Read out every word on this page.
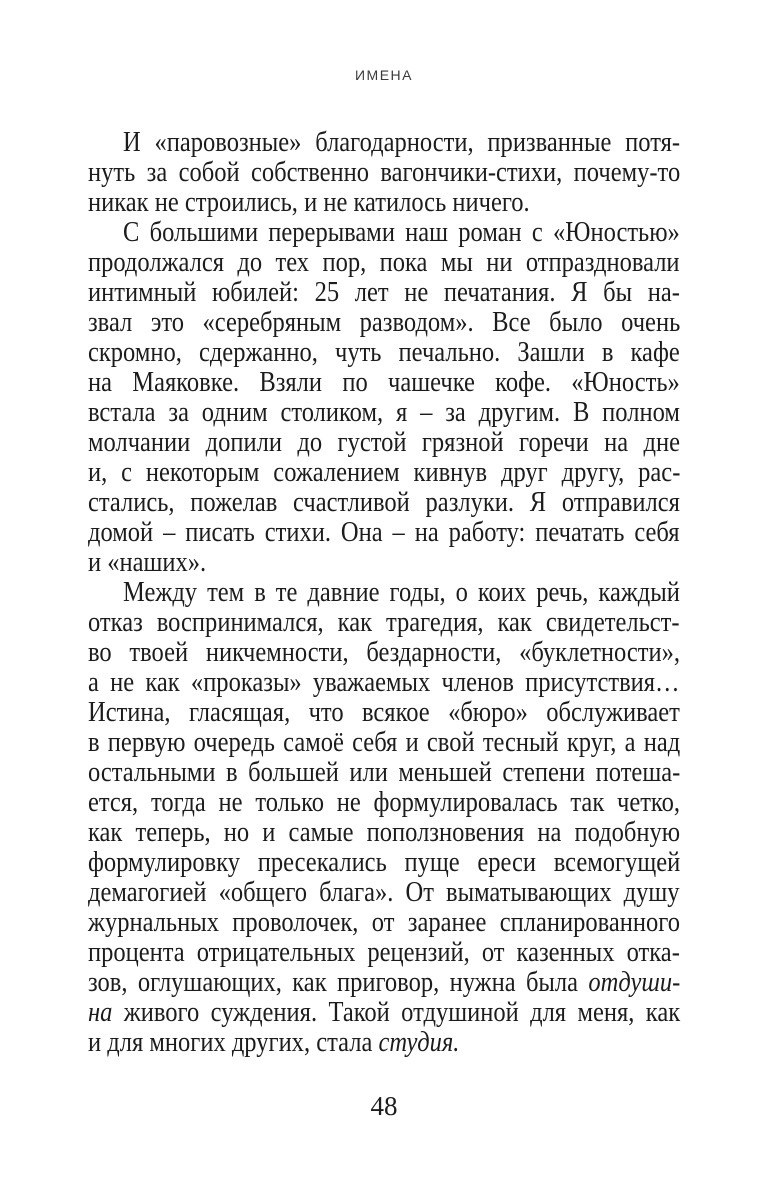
ИМЕНА
И «паровозные» благодарности, призванные потя-
нуть за собой собственно вагончики-стихи, почему-то
никак не строились, и не катилось ничего.
С большими перерывами наш роман с «Юностью»
продолжался до тех пор, пока мы ни отпраздновали
интимный юбилей: 25 лет не печатания. Я бы на-
звал это «серебряным разводом». Все было очень
скромно, сдержанно, чуть печально. Зашли в кафе
на Маяковке. Взяли по чашечке кофе. «Юность»
встала за одним столиком, я – за другим. В полном
молчании допили до густой грязной горечи на дне
и, с некоторым сожалением кивнув друг другу, рас-
стались, пожелав счастливой разлуки. Я отправился
домой – писать стихи. Она – на работу: печатать себя
и «наших».
Между тем в те давние годы, о коих речь, каждый
отказ воспринимался, как трагедия, как свидетельст-
во твоей никчемности, бездарности, «буклетности»,
а не как «проказы» уважаемых членов присутствия…
Истина, гласящая, что всякое «бюро» обслуживает
в первую очередь самоё себя и свой тесный круг, а над
остальными в большей или меньшей степени потеша-
ется, тогда не только не формулировалась так четко,
как теперь, но и самые поползновения на подобную
формулировку пресекались пуще ереси всемогущей
демагогией «общего блага». От выматывающих душу
журнальных проволочек, от заранее спланированного
процента отрицательных рецензий, от казенных отка-
зов, оглушающих, как приговор, нужна была отдуши-
на живого суждения. Такой отдушиной для меня, как
и для многих других, стала студия.
48
